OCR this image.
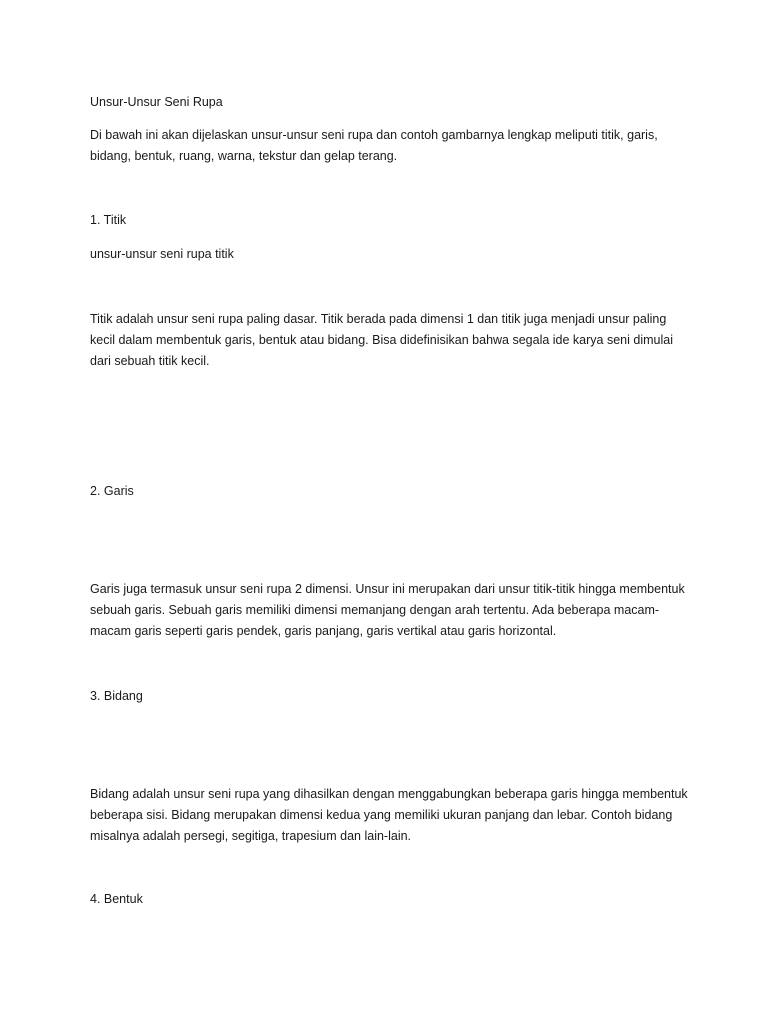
Unsur-Unsur Seni Rupa

Di bawah ini akan dijelaskan unsur-unsur seni rupa dan contoh gambarnya lengkap meliputi titik, garis, bidang, bentuk, ruang, warna, tekstur dan gelap terang.

1. Titik

unsur-unsur seni rupa titik

Titik adalah unsur seni rupa paling dasar. Titik berada pada dimensi 1 dan titik juga menjadi unsur paling kecil dalam membentuk garis, bentuk atau bidang. Bisa didefinisikan bahwa segala ide karya seni dimulai dari sebuah titik kecil.

2. Garis

Garis juga termasuk unsur seni rupa 2 dimensi. Unsur ini merupakan dari unsur titik-titik hingga membentuk sebuah garis. Sebuah garis memiliki dimensi memanjang dengan arah tertentu. Ada beberapa macam-macam garis seperti garis pendek, garis panjang, garis vertikal atau garis horizontal.

3. Bidang

Bidang adalah unsur seni rupa yang dihasilkan dengan menggabungkan beberapa garis hingga membentuk beberapa sisi. Bidang merupakan dimensi kedua yang memiliki ukuran panjang dan lebar. Contoh bidang misalnya adalah persegi, segitiga, trapesium dan lain-lain.

4. Bentuk
